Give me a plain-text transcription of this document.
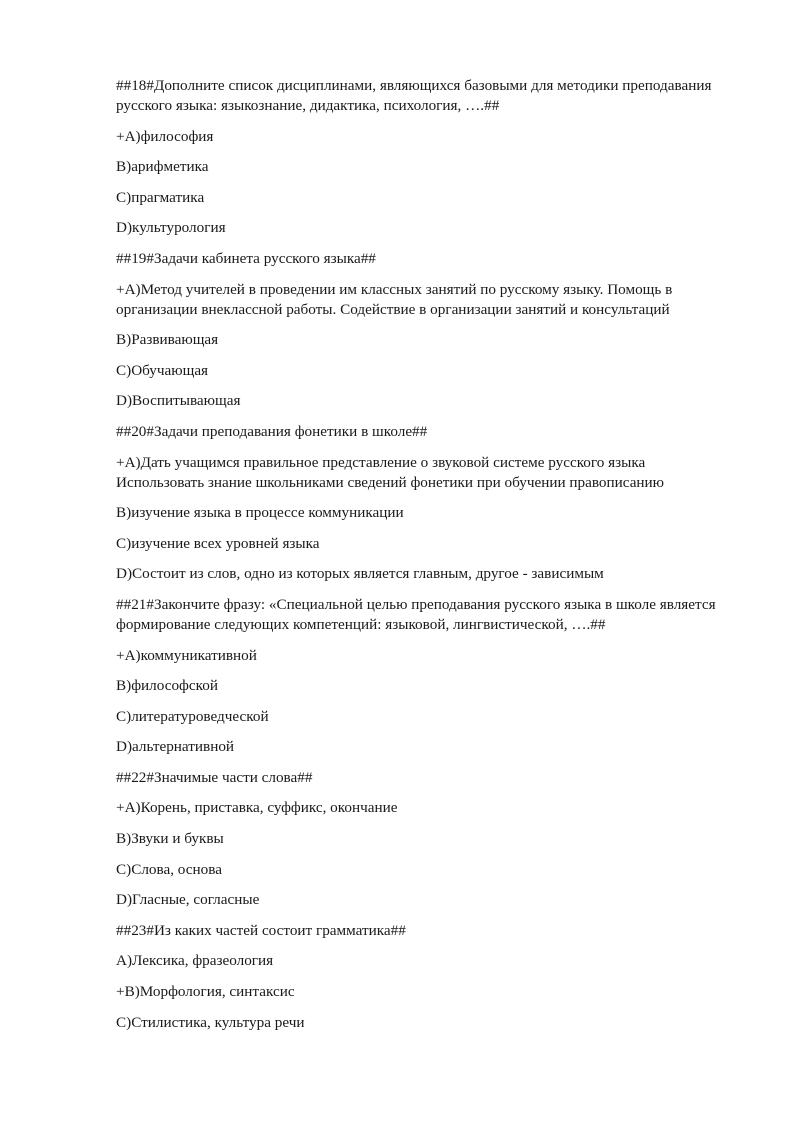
##18#Дополните список дисциплинами, являющихся базовыми для методики преподавания русского языка: языкознание, дидактика, психология, ….##

+А)философия

В)арифметика

С)прагматика

D)культурология

##19#Задачи кабинета русского языка##

+А)Метод учителей в проведении им классных занятий по русскому языку. Помощь в организации внеклассной работы. Содействие в организации занятий и консультаций

В)Развивающая

С)Обучающая

D)Воспитывающая

##20#Задачи преподавания фонетики в школе##

+А)Дать учащимся правильное представление о звуковой системе русского языка Использовать знание школьниками сведений фонетики при обучении правописанию

В)изучение языка в процессе коммуникации

С)изучение всех уровней языка

D)Состоит из слов, одно из которых является главным, другое - зависимым

##21#Закончите фразу: «Специальной целью преподавания русского языка в школе является формирование следующих компетенций: языковой, лингвистической, ….##

+А)коммуникативной

В)философской

С)литературоведческой

D)альтернативной

##22#Значимые части слова##

+А)Корень, приставка, суффикс, окончание

В)Звуки и буквы

С)Слова, основа

D)Гласные, согласные

##23#Из каких частей состоит грамматика##

А)Лексика, фразеология

+В)Морфология, синтаксис

С)Стилистика, культура речи
